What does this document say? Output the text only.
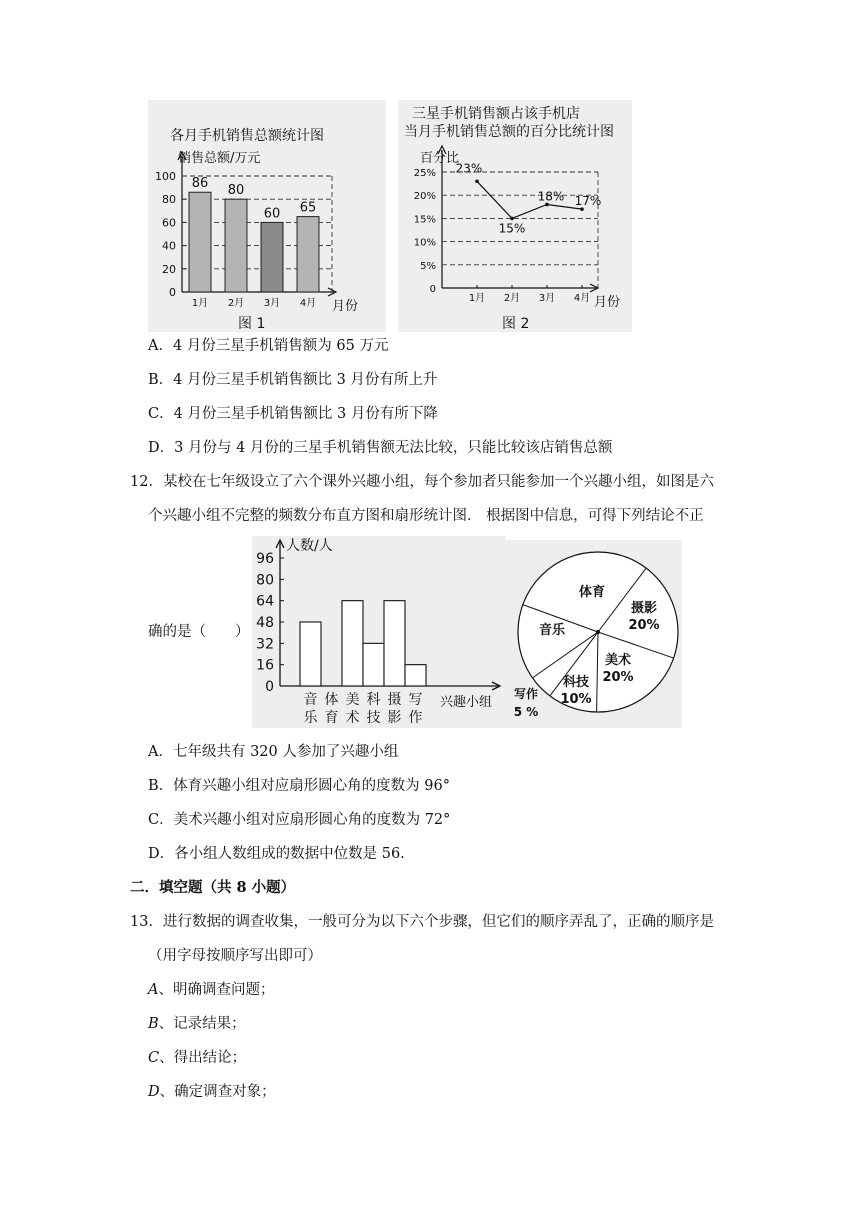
各月手机销售总额统计图
销售总额/万元
月份
图 1
0
20
40
60
80
100 86
1月
80
2月
60
3月
65
4月
三星手机销售额占该手机店
当月手机销售总额的百分比统计图
百分比
月份
图 2
0
5%
10%
15%
20%
25%
1月 2月 3月 4月
23%
15%
18% 17%
A．4 月份三星手机销售额为 65 万元
B．4 月份三星手机销售额比 3 月份有所上升
C．4 月份三星手机销售额比 3 月份有所下降
D．3 月份与 4 月份的三星手机销售额无法比较，只能比较该店销售总额
12．某校在七年级设立了六个课外兴趣小组，每个参加者只能参加一个兴趣小组，如图是六
个兴趣小组不完整的频数分布直方图和扇形统计图． 根据图中信息，可得下列结论不正
确的是（　　）
人数/人
兴趣小组
0
16
32
48
64
80
96
音
乐
体
育
美
术
科
技
摄
影
写
作
体育
摄影
20%
美术
20%
科技
10%
音乐
写作
5 %
A．七年级共有 320 人参加了兴趣小组
B．体育兴趣小组对应扇形圆心角的度数为 96°
C．美术兴趣小组对应扇形圆心角的度数为 72°
D．各小组人数组成的数据中位数是 56.
二．填空题（共 8 小题）
13．进行数据的调查收集，一般可分为以下六个步骤，但它们的顺序弄乱了，正确的顺序是
（用字母按顺序写出即可）
A、明确调查问题；
B、记录结果；
C、得出结论；
D、确定调查对象；
